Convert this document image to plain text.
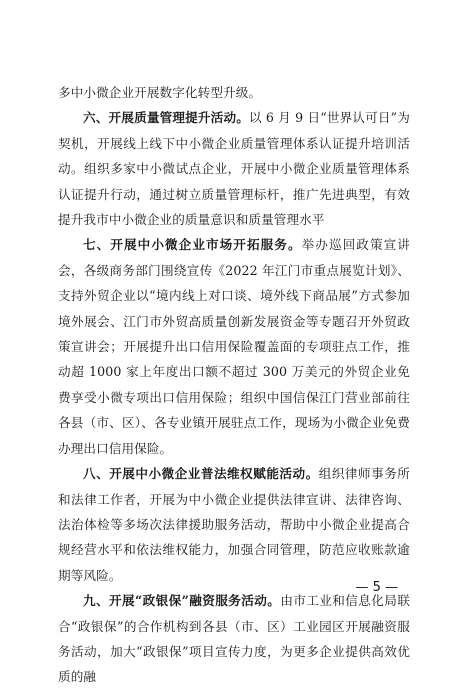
多中小微企业开展数字化转型升级。

六、开展质量管理提升活动。以 6 月 9 日“世界认可日”为契机，开展线上线下中小微企业质量管理体系认证提升培训活动。组织多家中小微试点企业，开展中小微企业质量管理体系认证提升行动，通过树立质量管理标杆，推广先进典型，有效提升我市中小微企业的质量意识和质量管理水平

七、开展中小微企业市场开拓服务。举办巡回政策宣讲会，各级商务部门围绕宣传《2022 年江门市重点展览计划》、支持外贸企业以“境内线上对口谈、境外线下商品展”方式参加境外展会、江门市外贸高质量创新发展资金等专题召开外贸政策宣讲会；开展提升出口信用保险覆盖面的专项驻点工作，推动超 1000 家上年度出口额不超过 300 万美元的外贸企业免费享受小微专项出口信用保险；组织中国信保江门营业部前往各县（市、区）、各专业镇开展驻点工作，现场为小微企业免费办理出口信用保险。

八、开展中小微企业普法维权赋能活动。组织律师事务所和法律工作者，开展为中小微企业提供法律宣讲、法律咨询、法治体检等多场次法律援助服务活动，帮助中小微企业提高合规经营水平和依法维权能力，加强合同管理，防范应收账款逾期等风险。

九、开展“政银保”融资服务活动。由市工业和信息化局联合“政银保”的合作机构到各县（市、区）工业园区开展融资服务活动，加大“政银保”项目宣传力度，为更多企业提供高效优质的融

— 5 —
